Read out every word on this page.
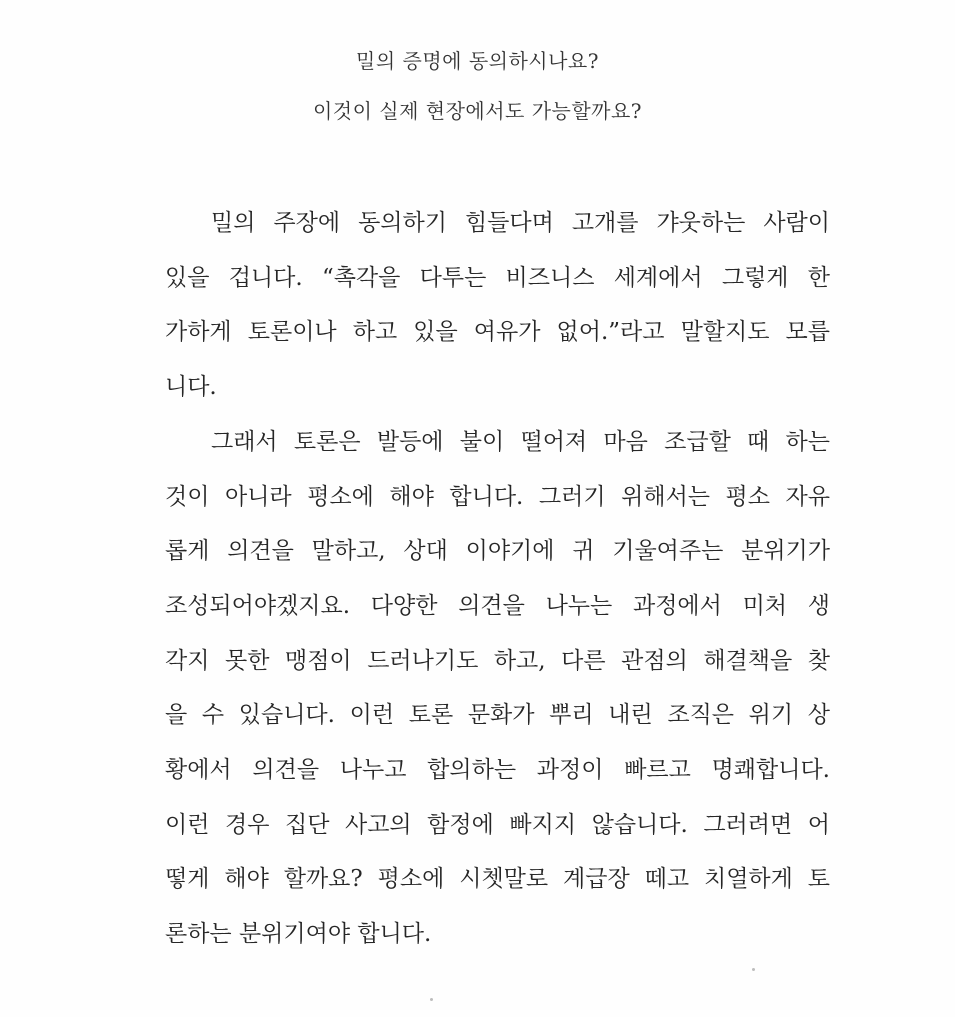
밀의 증명에 동의하시나요?
이것이 실제 현장에서도 가능할까요?

밀의 주장에 동의하기 힘들다며 고개를 갸웃하는 사람이
있을 겁니다. “촉각을 다투는 비즈니스 세계에서 그렇게 한
가하게 토론이나 하고 있을 여유가 없어.”라고 말할지도 모릅
니다.

그래서 토론은 발등에 불이 떨어져 마음 조급할 때 하는
것이 아니라 평소에 해야 합니다. 그러기 위해서는 평소 자유
롭게 의견을 말하고, 상대 이야기에 귀 기울여주는 분위기가
조성되어야겠지요. 다양한 의견을 나누는 과정에서 미처 생
각지 못한 맹점이 드러나기도 하고, 다른 관점의 해결책을 찾
을 수 있습니다. 이런 토론 문화가 뿌리 내린 조직은 위기 상
황에서 의견을 나누고 합의하는 과정이 빠르고 명쾌합니다.
이런 경우 집단 사고의 함정에 빠지지 않습니다. 그러려면 어
떻게 해야 할까요? 평소에 시쳇말로 계급장 떼고 치열하게 토
론하는 분위기여야 합니다.
